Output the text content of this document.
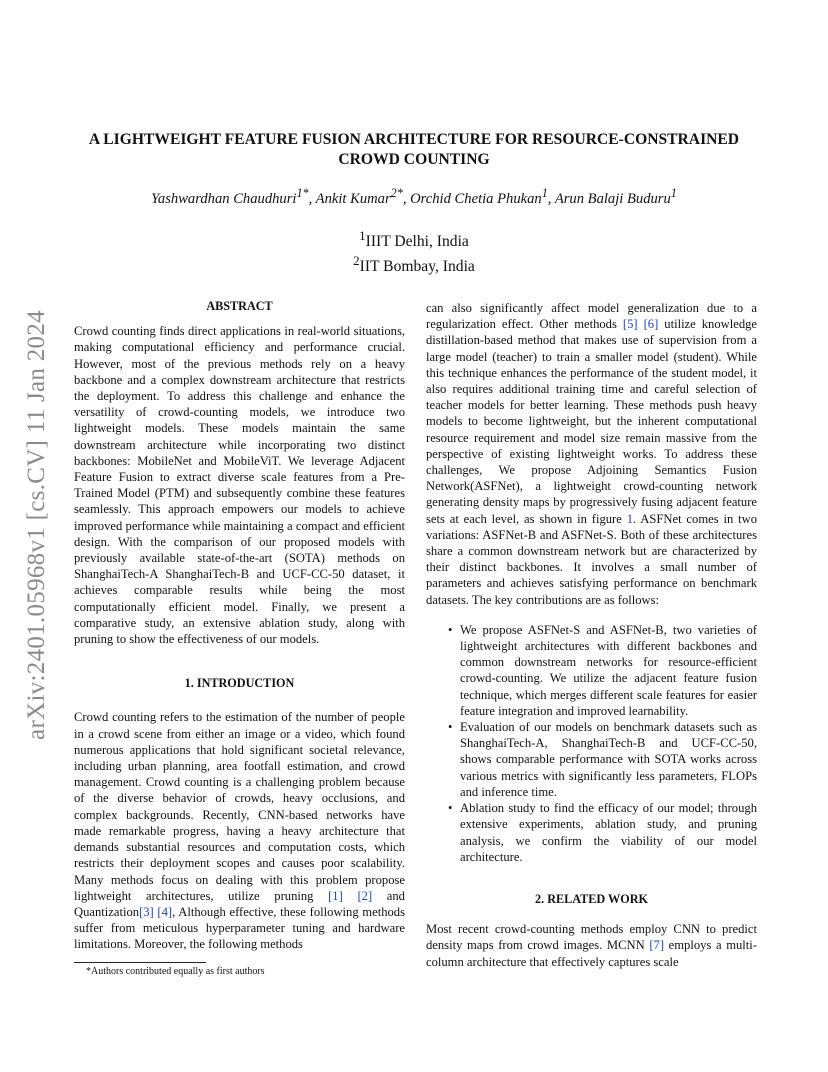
arXiv:2401.05968v1 [cs.CV] 11 Jan 2024
A LIGHTWEIGHT FEATURE FUSION ARCHITECTURE FOR RESOURCE-CONSTRAINED
CROWD COUNTING
Yashwardhan Chaudhuri$^{1*}$, Ankit Kumar$^{2*}$, Orchid Chetia Phukan$^1$, Arun Balaji Buduru$^1$
$^1$IIIT Delhi, India
$^2$IIT Bombay, India
ABSTRACT

Crowd counting finds direct applications in real-world situations, making computational efficiency and performance crucial. However, most of the previous methods rely on a heavy backbone and a complex downstream architecture that restricts the deployment. To address this challenge and enhance the versatility of crowd-counting models, we introduce two lightweight models. These models maintain the same downstream architecture while incorporating two distinct backbones: MobileNet and MobileViT. We leverage Adjacent Feature Fusion to extract diverse scale features from a Pre-Trained Model (PTM) and subsequently combine these features seamlessly. This approach empowers our models to achieve improved performance while maintaining a compact and efficient design. With the comparison of our proposed models with previously available state-of-the-art (SOTA) methods on ShanghaiTech-A ShanghaiTech-B and UCF-CC-50 dataset, it achieves comparable results while being the most computationally efficient model. Finally, we present a comparative study, an extensive ablation study, along with pruning to show the effectiveness of our models.

1. INTRODUCTION

Crowd counting refers to the estimation of the number of people in a crowd scene from either an image or a video, which found numerous applications that hold significant societal relevance, including urban planning, area footfall estimation, and crowd management. Crowd counting is a challenging problem because of the diverse behavior of crowds, heavy occlusions, and complex backgrounds. Recently, CNN-based networks have made remarkable progress, having a heavy architecture that demands substantial resources and computation costs, which restricts their deployment scopes and causes poor scalability. Many methods focus on dealing with this problem propose lightweight architectures, utilize pruning [1] [2] and Quantization[3] [4], Although effective, these following methods suffer from meticulous hyperparameter tuning and hardware limitations. Moreover, the following methods

can also significantly affect model generalization due to a regularization effect. Other methods [5] [6] utilize knowledge distillation-based method that makes use of supervision from a large model (teacher) to train a smaller model (student). While this technique enhances the performance of the student model, it also requires additional training time and careful selection of teacher models for better learning. These methods push heavy models to become lightweight, but the inherent computational resource requirement and model size remain massive from the perspective of existing lightweight works. To address these challenges, We propose Adjoining Semantics Fusion Network(ASFNet), a lightweight crowd-counting network generating density maps by progressively fusing adjacent feature sets at each level, as shown in figure 1. ASFNet comes in two variations: ASFNet-B and ASFNet-S. Both of these architectures share a common downstream network but are characterized by their distinct backbones. It involves a small number of parameters and achieves satisfying performance on benchmark datasets. The key contributions are as follows:

• We propose ASFNet-S and ASFNet-B, two varieties of lightweight architectures with different backbones and common downstream networks for resource-efficient crowd-counting. We utilize the adjacent feature fusion technique, which merges different scale features for easier feature integration and improved learnability.
• Evaluation of our models on benchmark datasets such as ShanghaiTech-A, ShanghaiTech-B and UCF-CC-50, shows comparable performance with SOTA works across various metrics with significantly less parameters, FLOPs and inference time.
• Ablation study to find the efficacy of our model; through extensive experiments, ablation study, and pruning analysis, we confirm the viability of our model architecture.
2. RELATED WORK

Most recent crowd-counting methods employ CNN to predict density maps from crowd images. MCNN [7] employs a multi-column architecture that effectively captures scale

*Authors contributed equally as first authors
